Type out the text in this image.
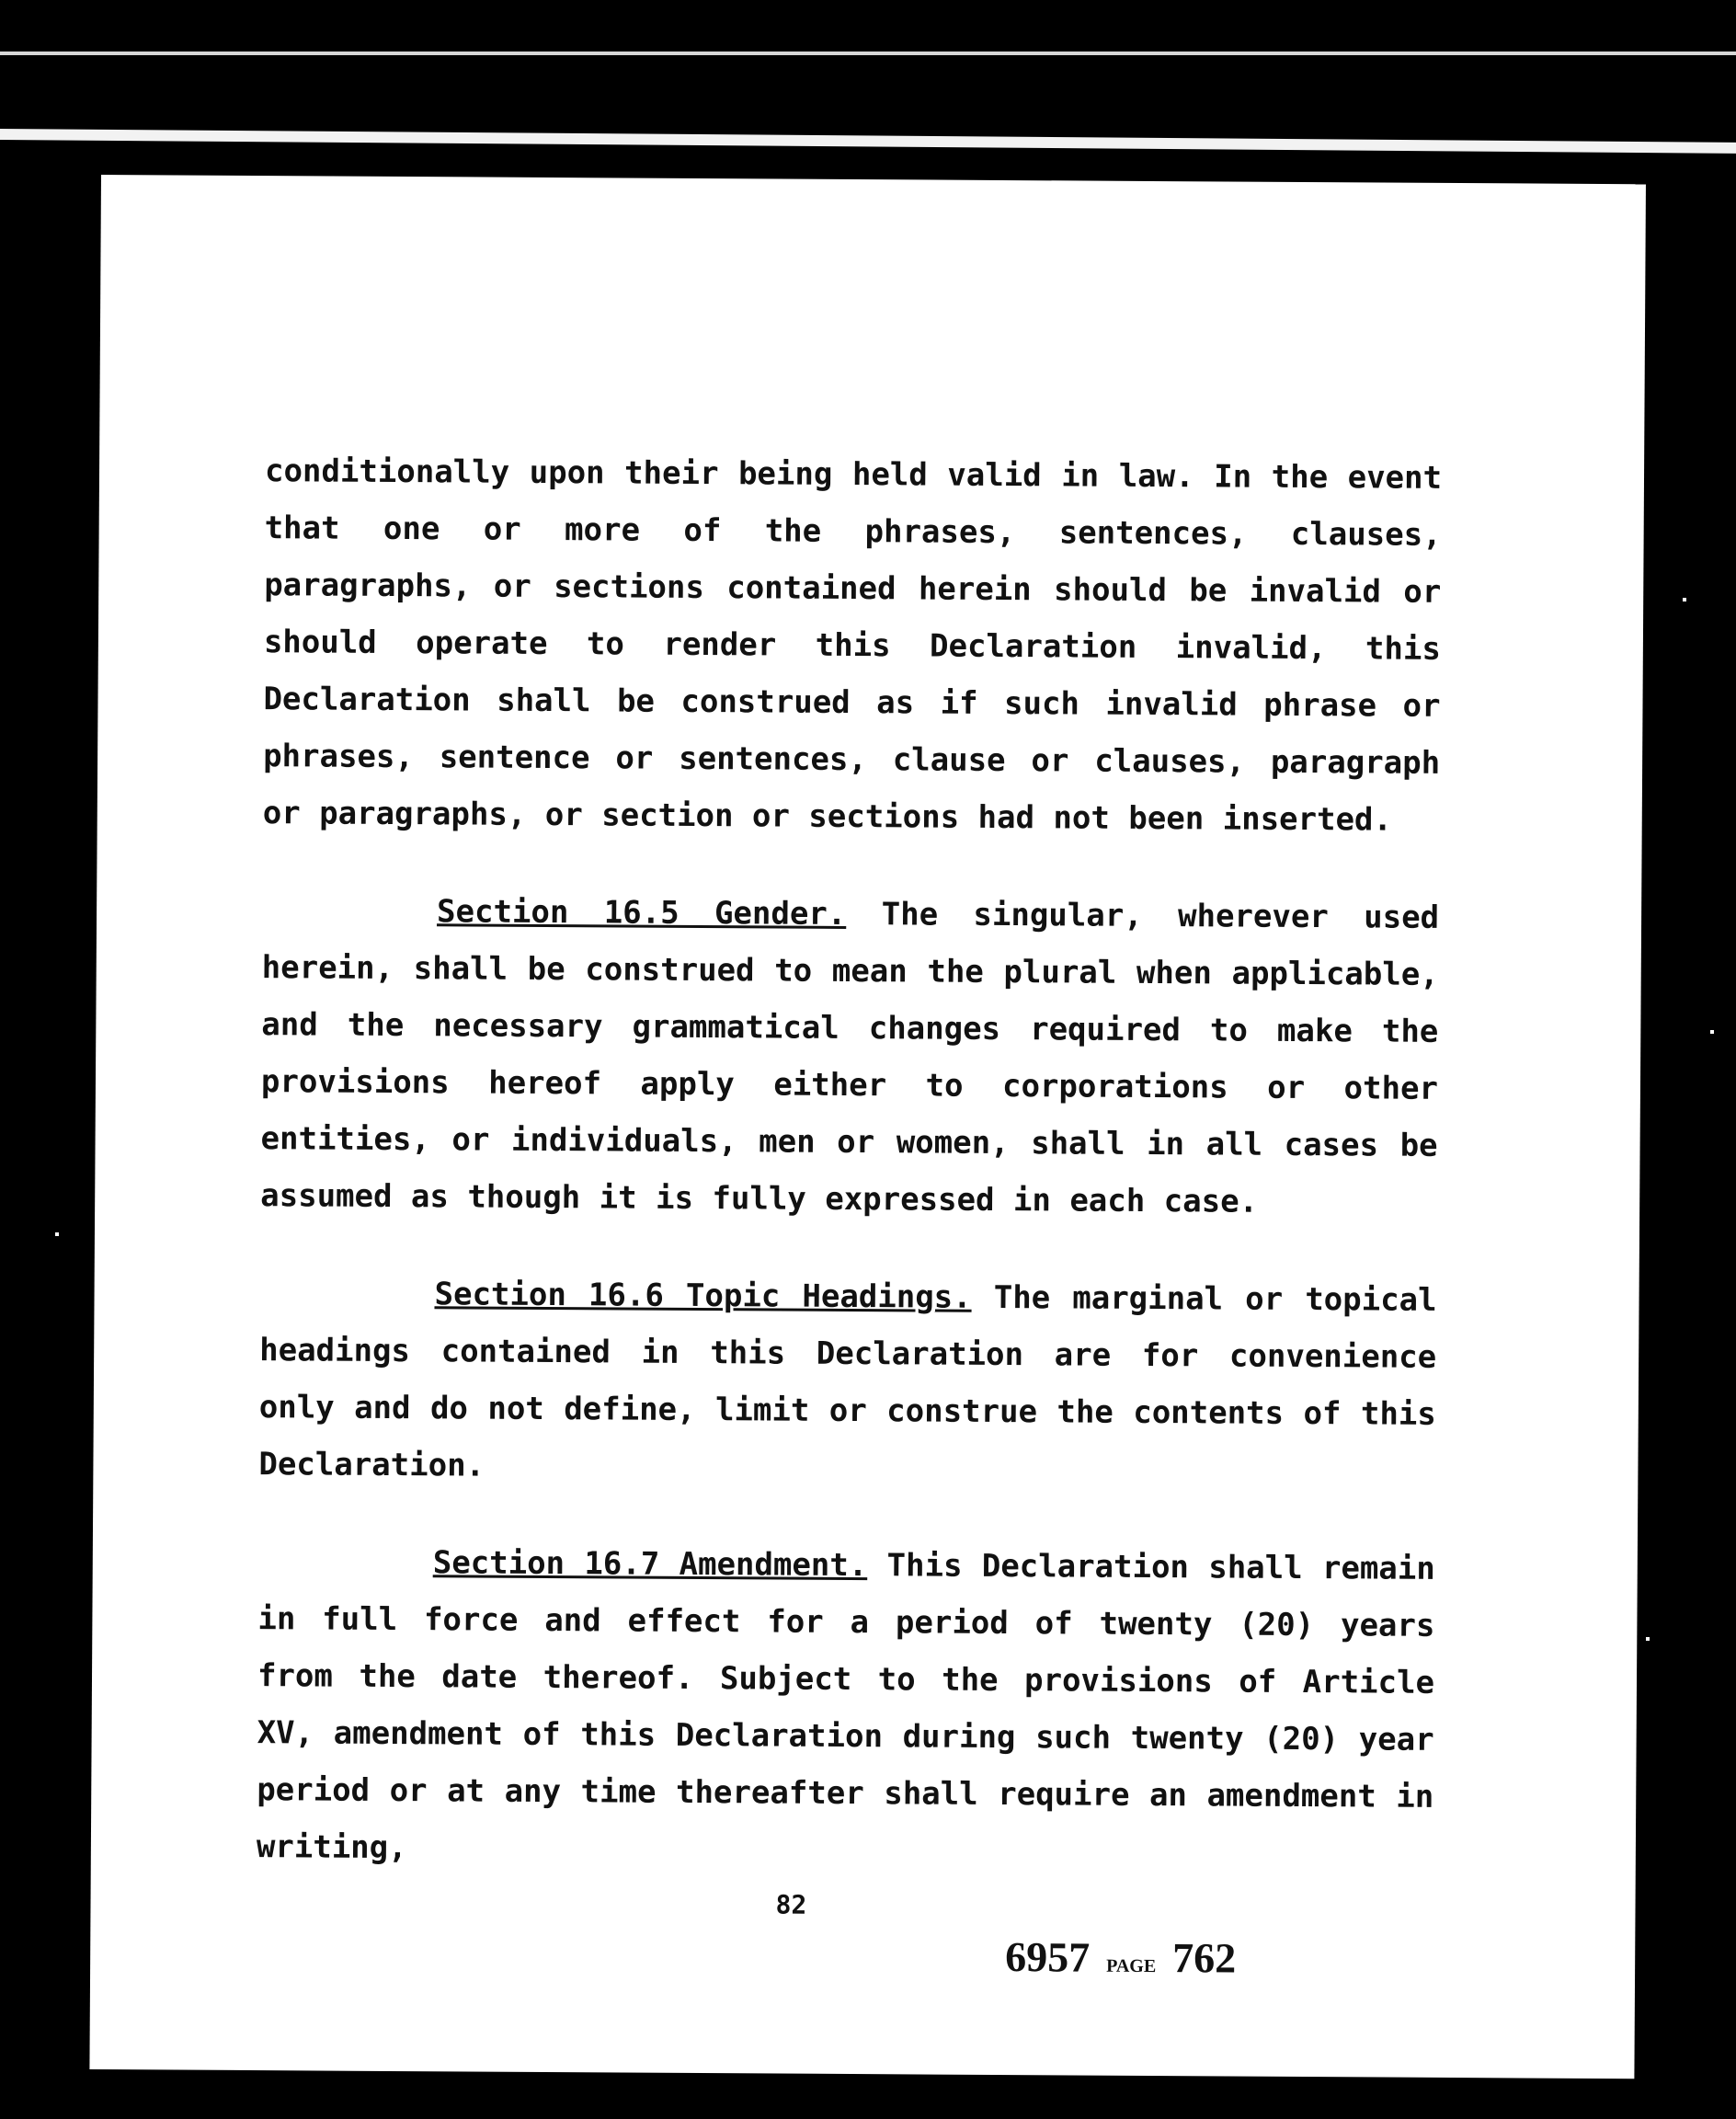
conditionally upon their being held valid in law. In the event that one or more of the phrases, sentences, clauses, paragraphs, or sections contained herein should be invalid or should operate to render this Declaration invalid, this Declaration shall be construed as if such invalid phrase or phrases, sentence or sentences, clause or clauses, paragraph or paragraphs, or section or sections had not been inserted.

Section 16.5 Gender. The singular, wherever used herein, shall be construed to mean the plural when applicable, and the necessary grammatical changes required to make the provisions hereof apply either to corporations or other entities, or individuals, men or women, shall in all cases be assumed as though it is fully expressed in each case.

Section 16.6 Topic Headings. The marginal or topical headings contained in this Declaration are for convenience only and do not define, limit or construe the contents of this Declaration.

Section 16.7 Amendment. This Declaration shall remain in full force and effect for a period of twenty (20) years from the date thereof. Subject to the provisions of Article XV, amendment of this Declaration during such twenty (20) year period or at any time thereafter shall require an amendment in writing,

82
6957 PAGE 762
